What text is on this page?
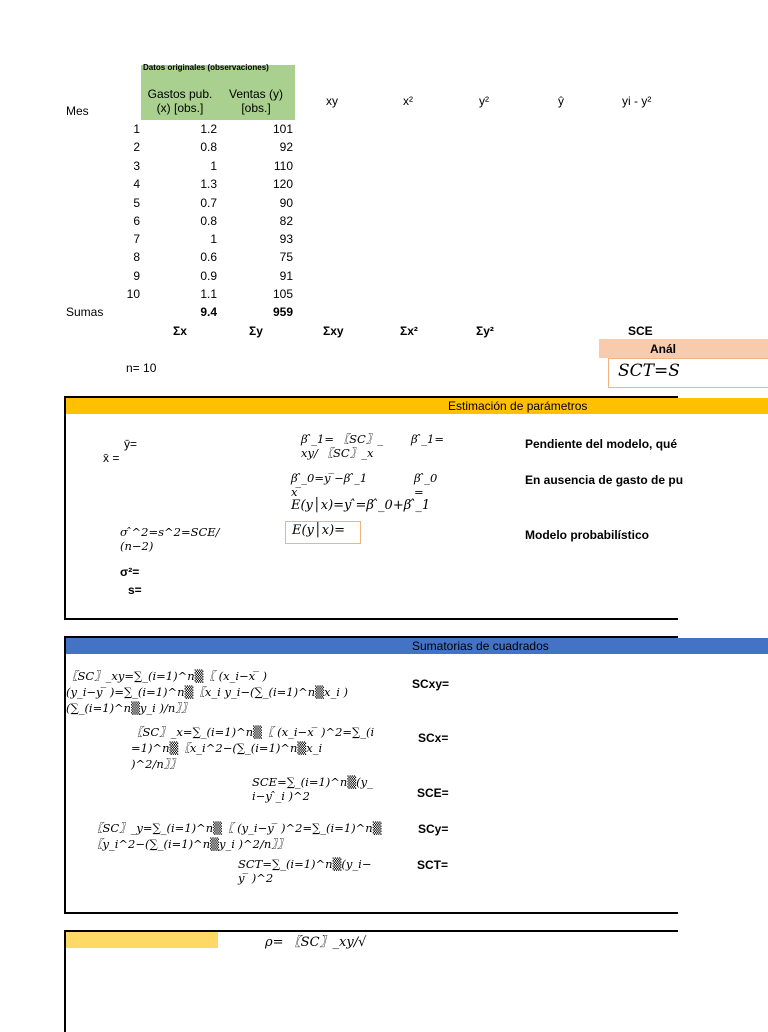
Datos originales (observaciones)
Mes
Gastos pub.
(x) [obs.]
Ventas (y)
[obs.]	xy	x²	y²	ŷ	yi - y²
1	1.2	101
2	0.8	92
3	1	110
4	1.3	120
5	0.7	90
6	0.8	82
7	1	93
8	0.6	75
9	0.9	91
10	1.1	105
Sumas	9.4	959
Σx	Σy	Σxy	Σx²	Σy²	SCE
Anál
SCT=S
n= 10
Estimación de parámetros
ȳ=
x̄ =
β ̂_1= 〖SC〗_
xy/ 〖SC〗_x
β ̂_1=	Pendiente del modelo, qué
β ̂_0=y ̅−β ̂_1
x ̅
β ̂_0
=
En ausencia de gasto de pu
E(y│x)=y ̂=β ̂_0+β ̂_1
E(y│x)=
σ ̂^2=s^2=SCE/
(n−2)
Modelo probabilístico
σ²=
s=
Sumatorias de cuadrados
〖SC〗_xy=∑_(i=1)^n▒〖 (x_i−x ̅ )
(y_i−y ̅ )=∑_(i=1)^n▒〖x_i y_i−(∑_(i=1)^n▒x_i )
(∑_(i=1)^n▒y_i )/n〗〗
SCxy=
〖SC〗_x=∑_(i=1)^n▒〖 (x_i−x ̅ )^2=∑_(i
=1)^n▒〖x_i^2−(∑_(i=1)^n▒x_i
)^2/n〗〗
SCx=
SCE=∑_(i=1)^n▒(y_
i−y ̂_i )^2	SCE=
〖SC〗_y=∑_(i=1)^n▒〖 (y_i−y ̅ )^2=∑_(i=1)^n▒
〖y_i^2−(∑_(i=1)^n▒y_i )^2/n〗〗
SCy=
SCT=∑_(i=1)^n▒(y_i−
y ̅ )^2
SCT=
ρ= 〖SC〗_xy/√
